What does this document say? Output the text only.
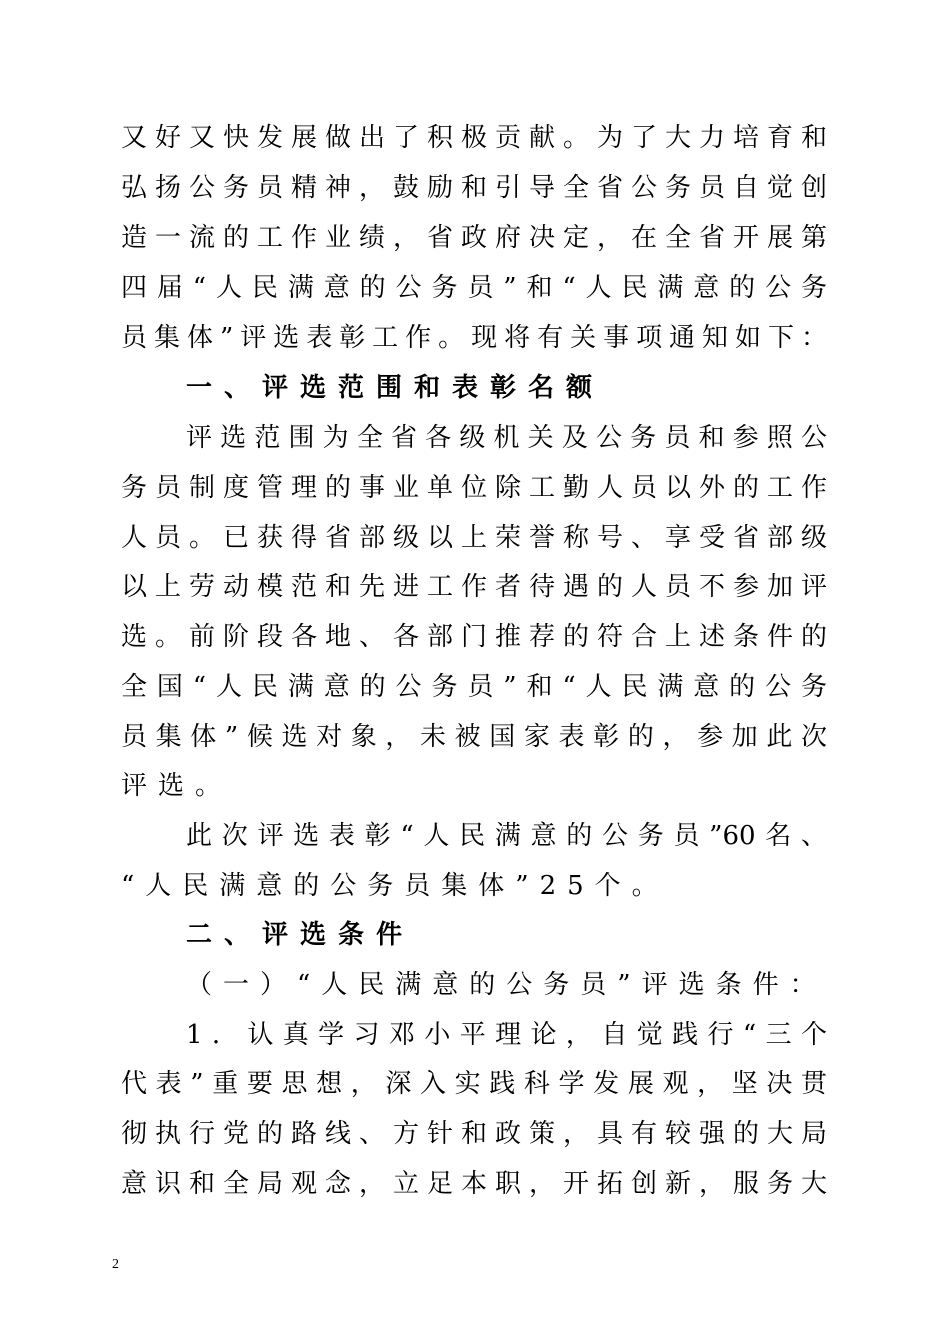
又好又快发展做出了积极贡献。为了大力培育和
弘扬公务员精神，鼓励和引导全省公务员自觉创
造一流的工作业绩，省政府决定，在全省开展第
四届“人民满意的公务员”和“人民满意的公务
员集体”评选表彰工作。现将有关事项通知如下：
一、评选范围和表彰名额
评选范围为全省各级机关及公务员和参照公
务员制度管理的事业单位除工勤人员以外的工作
人员。已获得省部级以上荣誉称号、享受省部级
以上劳动模范和先进工作者待遇的人员不参加评
选。前阶段各地、各部门推荐的符合上述条件的
全国“人民满意的公务员”和“人民满意的公务
员集体”候选对象，未被国家表彰的，参加此次
评选。
此次评选表彰“人民满意的公务员”60名、
“人民满意的公务员集体”25个。
二、评选条件
（一）“人民满意的公务员”评选条件：
1．认真学习邓小平理论，自觉践行“三个
代表”重要思想，深入实践科学发展观，坚决贯
彻执行党的路线、方针和政策，具有较强的大局
意识和全局观念，立足本职，开拓创新，服务大
2
